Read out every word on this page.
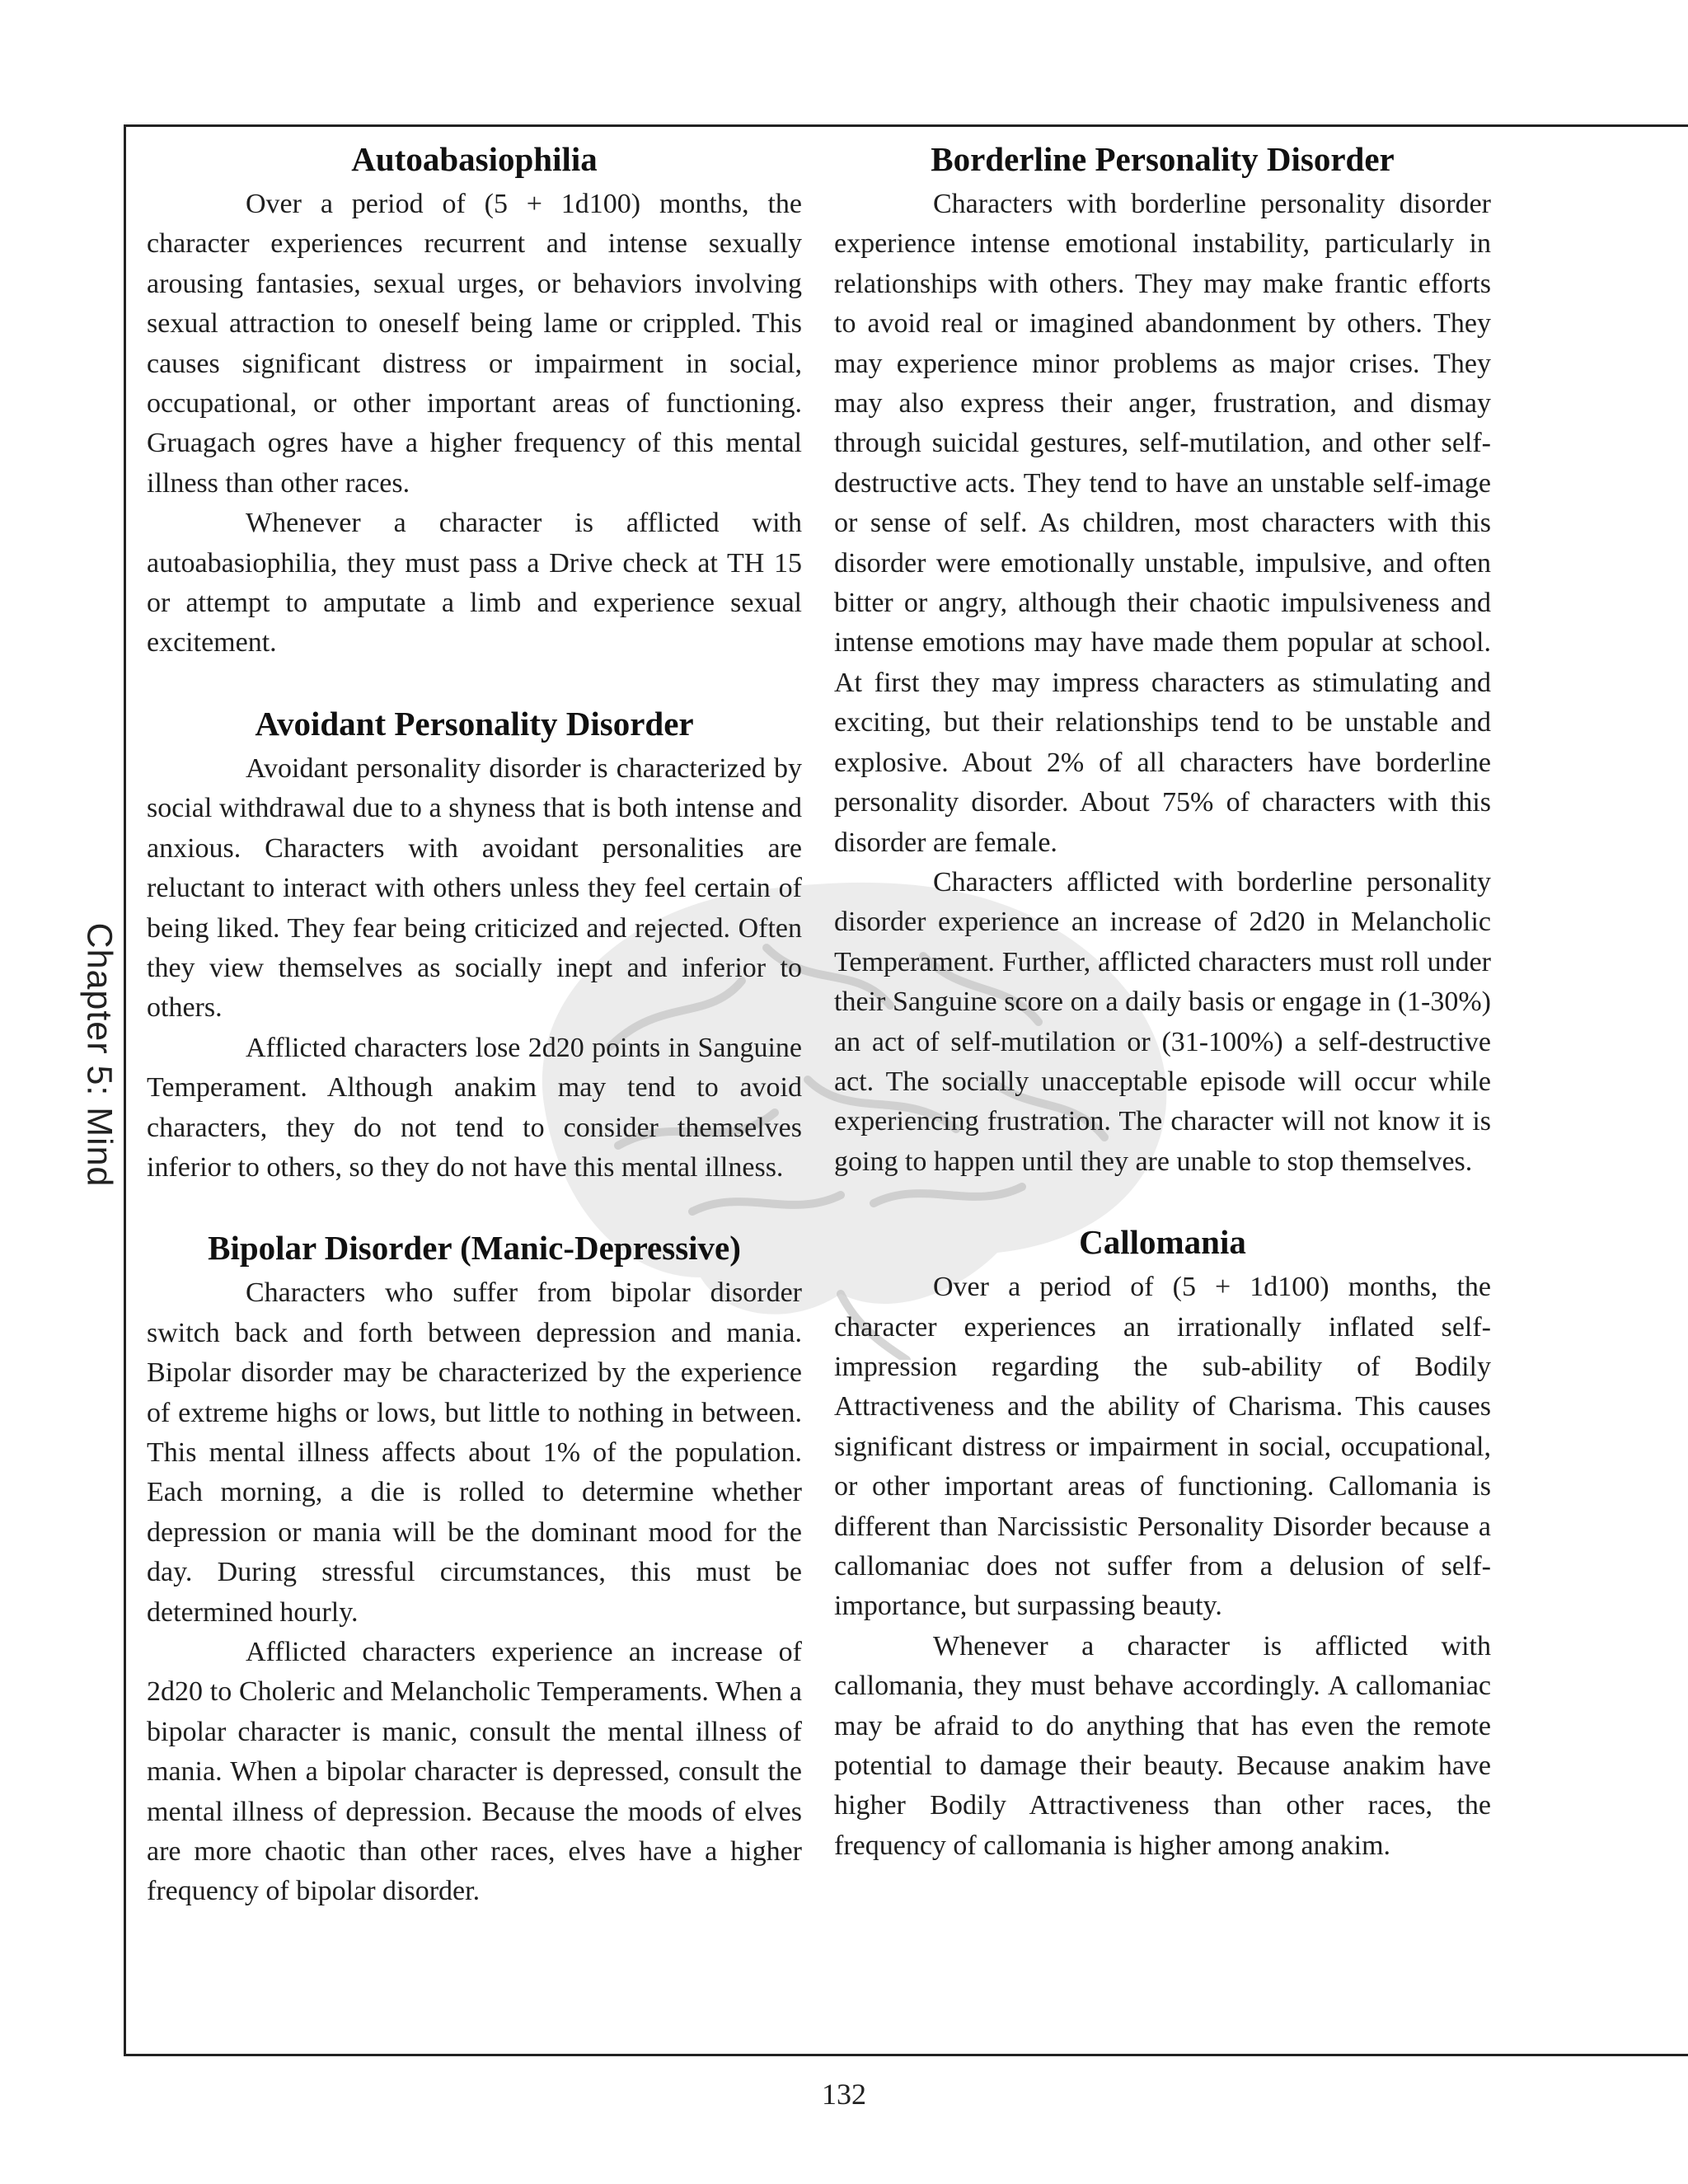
Chapter 5: Mind
Autoabasiophilia

Over a period of (5 + 1d100) months, the character experiences recurrent and intense sexually arousing fantasies, sexual urges, or behaviors involving sexual attraction to oneself being lame or crippled. This causes significant distress or impairment in social, occupational, or other important areas of functioning. Gruagach ogres have a higher frequency of this mental illness than other races.

Whenever a character is afflicted with autoabasiophilia, they must pass a Drive check at TH 15 or attempt to amputate a limb and experience sexual excitement.

Avoidant Personality Disorder

Avoidant personality disorder is characterized by social withdrawal due to a shyness that is both intense and anxious. Characters with avoidant personalities are reluctant to interact with others unless they feel certain of being liked. They fear being criticized and rejected. Often they view themselves as socially inept and inferior to others.

Afflicted characters lose 2d20 points in Sanguine Temperament. Although anakim may tend to avoid characters, they do not tend to consider themselves inferior to others, so they do not have this mental illness.

Bipolar Disorder (Manic-Depressive)

Characters who suffer from bipolar disorder switch back and forth between depression and mania. Bipolar disorder may be characterized by the experience of extreme highs or lows, but little to nothing in between. This mental illness affects about 1% of the population. Each morning, a die is rolled to determine whether depression or mania will be the dominant mood for the day. During stressful circumstances, this must be determined hourly.

Afflicted characters experience an increase of 2d20 to Choleric and Melancholic Temperaments. When a bipolar character is manic, consult the mental illness of mania. When a bipolar character is depressed, consult the mental illness of depression. Because the moods of elves are more chaotic than other races, elves have a higher frequency of bipolar disorder.

Borderline Personality Disorder

Characters with borderline personality disorder experience intense emotional instability, particularly in relationships with others. They may make frantic efforts to avoid real or imagined abandonment by others. They may experience minor problems as major crises. They may also express their anger, frustration, and dismay through suicidal gestures, self-mutilation, and other self-destructive acts. They tend to have an unstable self-image or sense of self. As children, most characters with this disorder were emotionally unstable, impulsive, and often bitter or angry, although their chaotic impulsiveness and intense emotions may have made them popular at school. At first they may impress characters as stimulating and exciting, but their relationships tend to be unstable and explosive. About 2% of all characters have borderline personality disorder. About 75% of characters with this disorder are female.

Characters afflicted with borderline personality disorder experience an increase of 2d20 in Melancholic Temperament. Further, afflicted characters must roll under their Sanguine score on a daily basis or engage in (1-30%) an act of self-mutilation or (31-100%) a self-destructive act. The socially unacceptable episode will occur while experiencing frustration. The character will not know it is going to happen until they are unable to stop themselves.

Callomania

Over a period of (5 + 1d100) months, the character experiences an irrationally inflated self-impression regarding the sub-ability of Bodily Attractiveness and the ability of Charisma. This causes significant distress or impairment in social, occupational, or other important areas of functioning. Callomania is different than Narcissistic Personality Disorder because a callomaniac does not suffer from a delusion of self-importance, but surpassing beauty.

Whenever a character is afflicted with callomania, they must behave accordingly. A callomaniac may be afraid to do anything that has even the remote potential to damage their beauty. Because anakim have higher Bodily Attractiveness than other races, the frequency of callomania is higher among anakim.

132
